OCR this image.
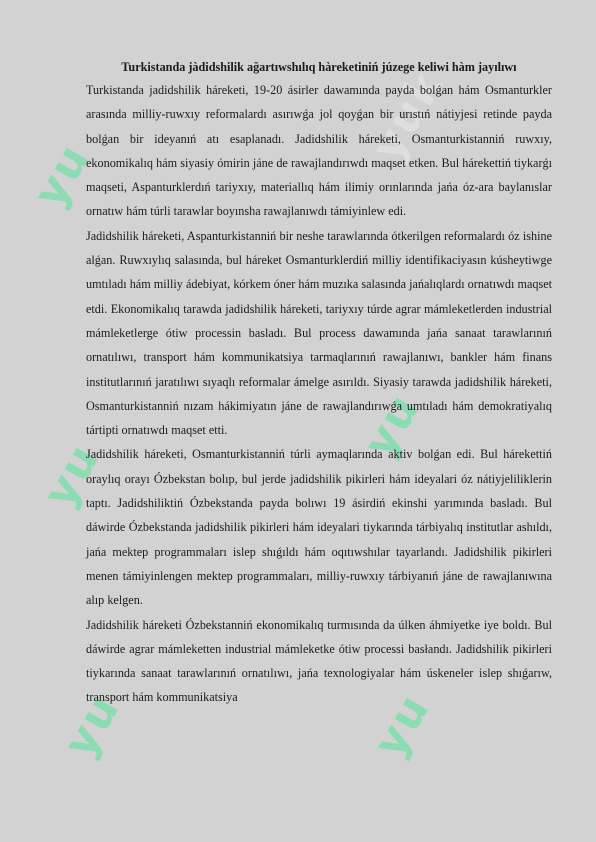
yu
yuk
yu
yu
yu	yu

Turkistanda jàdidshilik ağartıwshılıq hàreketiniń júzege keliwi hàm jayılıwı

Turkistanda jadidshilik háreketi, 19-20 ásirler dawamında payda bolǵan hám Osmanturkler arasında milliy-ruwxıy reformalardı asırıwǵa jol qoyǵan bir urıstıń nátiyjesi retinde payda bolǵan bir ideyanıń atı esaplanadı. Jadidshilik háreketi, Osmanturkistanniń ruwxıy, ekonomikalıq hám siyasiy ómirin jáne de rawajlandırıwdı maqset etken. Bul hárekettiń tiykarǵı maqseti, Aspanturklerdıń tariyxıy, materiallıq hám ilimiy orınlarında jańa óz-ara baylanıslar ornatıw hám túrli tarawlar boyınsha rawajlanıwdı támiyinlew edi.

Jadidshilik háreketi, Aspanturkistanniń bir neshe tarawlarında ótkerilgen reformalardı óz ishine alǵan. Ruwxıylıq salasında, bul háreket Osmanturklerdiń milliy identifikaciyasın kúsheytiwge umtıladı hám milliy ádebiyat, kórkem óner hám muzıka salasında jańalıqlardı ornatıwdı maqset etdi. Ekonomikalıq tarawda jadidshilik háreketi, tariyxıy túrde agrar mámleketlerden industrial mámleketlerge ótiw processin basladı. Bul process dawamında jańa sanaat tarawlarınıń ornatılıwı, transport hám kommunikatsiya tarmaqlarınıń rawajlanıwı, bankler hám finans institutlarınıń jaratılıwı sıyaqlı reformalar ámelge asırıldı. Siyasiy tarawda jadidshilik háreketi, Osmanturkistanniń nızam hákimiyatın jáne de rawajlandırıwǵa umtıladı hám demokratiyalıq tártipti ornatıwdı maqset etti.

Jadidshilik háreketi, Osmanturkistanniń túrli aymaqlarında aktiv bolǵan edi. Bul hárekettiń oraylıq orayı Ózbekstan bolıp, bul jerde jadidshilik pikirleri hám ideyalari óz nátiyjeliliklerin taptı. Jadidshiliktiń Ózbekstanda payda bolıwı 19 ásirdiń ekinshi yarımında basladı. Bul dáwirde Ózbekstanda jadidshilik pikirleri hám ideyalari tiykarında tárbiyalıq institutlar ashıldı, jańa mektep programmaları islep shıǵıldı hám oqıtıwshılar tayarlandı. Jadidshilik pikirleri menen támiyinlengen mektep programmaları, milliy-ruwxıy tárbiyanıń jáne de rawajlanıwına alıp kelgen.

Jadidshilik háreketi Ózbekstanniń ekonomikalıq turmısında da úlken áhmiyetke iye boldı. Bul dáwirde agrar mámleketten industrial mámleketke ótiw processi basłandı. Jadidshilik pikirleri tiykarında sanaat tarawlarınıń ornatılıwı, jańa texnologiyalar hám úskeneler islep shıǵarıw, transport hám kommunikatsiya
